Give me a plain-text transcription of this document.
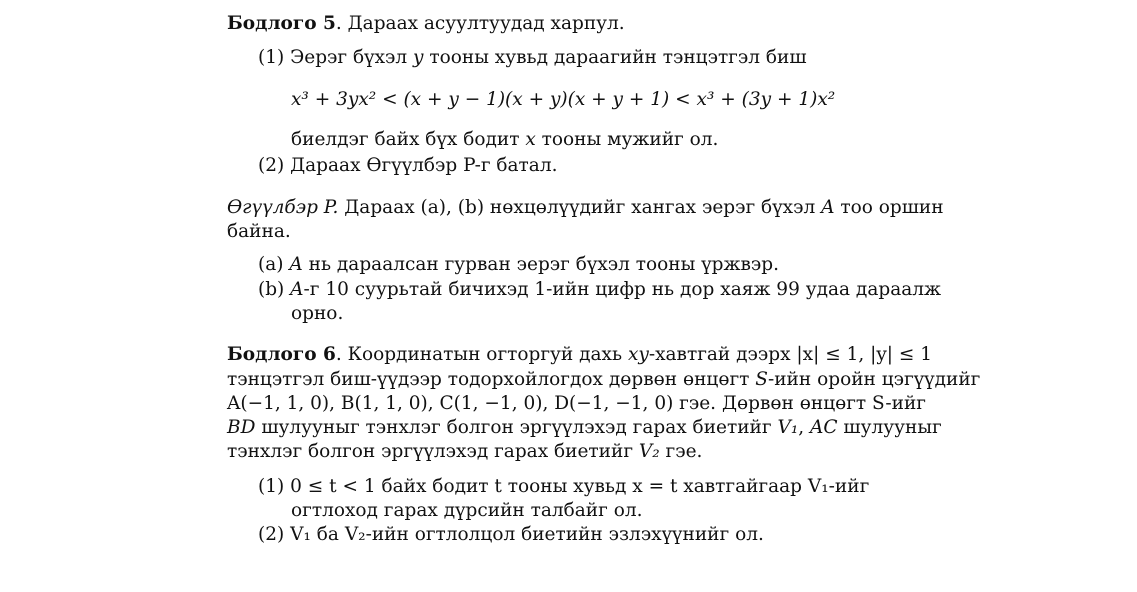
Бодлого 5. Дараах асуултуудад харпул.
(1) Эерэг бүхэл y тооны хувьд дараагийн тэнцэтгэл биш
x³ + 3yx² < (x + y − 1)(x + y)(x + y + 1) < x³ + (3y + 1)x²
биелдэг байх бүх бодит x тооны мужийг ол.
(2) Дараах Өгүүлбэр P-г батал.
Өгүүлбэр P. Дараах (a), (b) нөхцөлүүдийг хангах эерэг бүхэл A тоо оршин
байна.
(a) A нь дараалсан гурван эерэг бүхэл тооны үржвэр.
(b) A-г 10 суурьтай бичихэд 1-ийн цифр нь дор хаяж 99 удаа дараалж
орно.
Бодлого 6. Координатын огторгуй дахь xy-хавтгай дээрх |x| ≤ 1, |y| ≤ 1
тэнцэтгэл биш-үүдээр тодорхойлогдох дөрвөн өнцөгт S-ийн оройн цэгүүдийг
A(−1, 1, 0), B(1, 1, 0), C(1, −1, 0), D(−1, −1, 0) гэе. Дөрвөн өнцөгт S-ийг
BD шулууныг тэнхлэг болгон эргүүлэхэд гарах биетийг V₁, AC шулууныг
тэнхлэг болгон эргүүлэхэд гарах биетийг V₂ гэе.
(1) 0 ≤ t < 1 байх бодит t тооны хувьд x = t хавтгайгаар V₁-ийг
огтлоход гарах дүрсийн талбайг ол.
(2) V₁ ба V₂-ийн огтлолцол биетийн эзлэхүүнийг ол.
